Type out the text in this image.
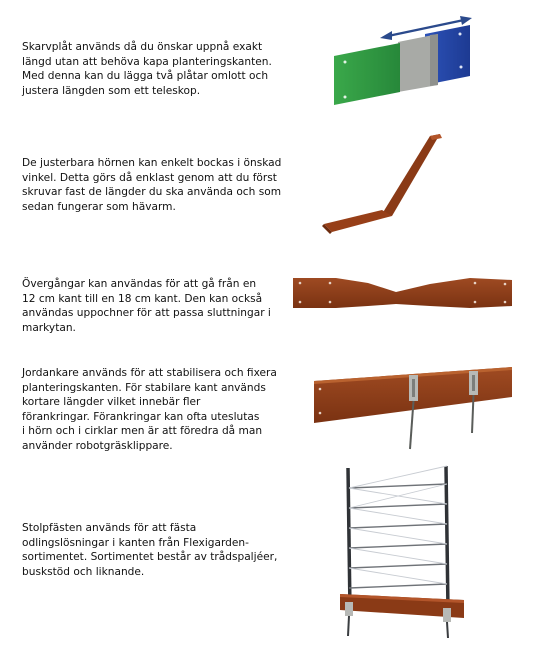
Skarvplåt används då du önskar uppnå exakt
längd utan att behöva kapa planteringskanten.
Med denna kan du lägga två plåtar omlott och
justera längden som ett teleskop.
De justerbara hörnen kan enkelt bockas i önskad
vinkel. Detta görs då enklast genom att du först
skruvar fast de längder du ska använda och som
sedan fungerar som hävarm.
Övergångar kan användas för att gå från en
12 cm kant till en 18 cm kant. Den kan också
användas uppochner för att passa sluttningar i
markytan.
Jordankare används för att stabilisera och fixera
planteringskanten. För stabilare kant används
kortare längder vilket innebär fler
förankringar. Förankringar kan ofta uteslutas
i hörn och i cirklar men är att föredra då man
använder robotgräsklippare.
Stolpfästen används för att fästa
odlingslösningar i kanten från Flexigarden-
sortimentet. Sortimentet består av trådspaljéer,
buskstöd och liknande.
